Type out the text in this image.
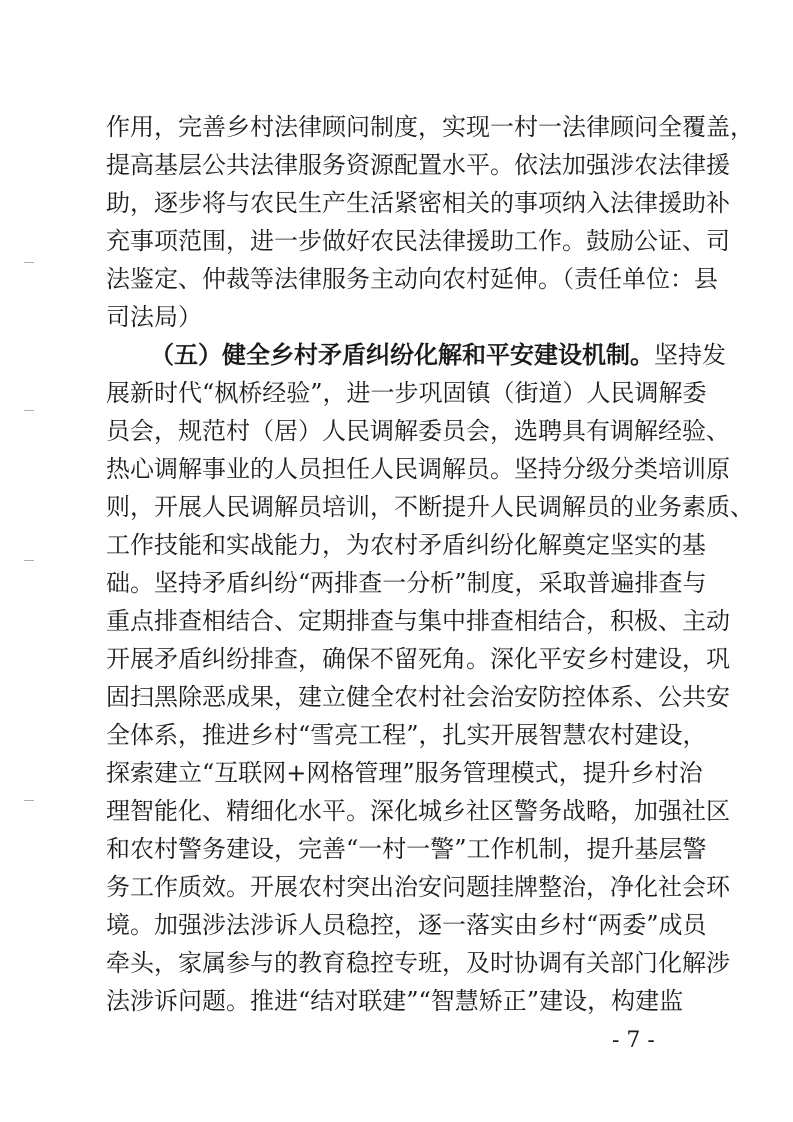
作用，完善乡村法律顾问制度，实现一村一法律顾问全覆盖，
提高基层公共法律服务资源配置水平。依法加强涉农法律援
助，逐步将与农民生产生活紧密相关的事项纳入法律援助补
充事项范围，进一步做好农民法律援助工作。鼓励公证、司
法鉴定、仲裁等法律服务主动向农村延伸。（责任单位：县
司法局）
（五）健全乡村矛盾纠纷化解和平安建设机制。坚持发
展新时代“枫桥经验”，进一步巩固镇（街道）人民调解委
员会，规范村（居）人民调解委员会，选聘具有调解经验、
热心调解事业的人员担任人民调解员。坚持分级分类培训原
则，开展人民调解员培训，不断提升人民调解员的业务素质、
工作技能和实战能力，为农村矛盾纠纷化解奠定坚实的基
础。坚持矛盾纠纷“两排查一分析”制度，采取普遍排查与
重点排查相结合、定期排查与集中排查相结合，积极、主动
开展矛盾纠纷排查，确保不留死角。深化平安乡村建设，巩
固扫黑除恶成果，建立健全农村社会治安防控体系、公共安
全体系，推进乡村“雪亮工程”，扎实开展智慧农村建设，
探索建立“互联网+网格管理”服务管理模式，提升乡村治
理智能化、精细化水平。深化城乡社区警务战略，加强社区
和农村警务建设，完善“一村一警”工作机制，提升基层警
务工作质效。开展农村突出治安问题挂牌整治，净化社会环
境。加强涉法涉诉人员稳控，逐一落实由乡村“两委”成员
牵头，家属参与的教育稳控专班，及时协调有关部门化解涉
法涉诉问题。推进“结对联建”“智慧矫正”建设，构建监
- 7 -
